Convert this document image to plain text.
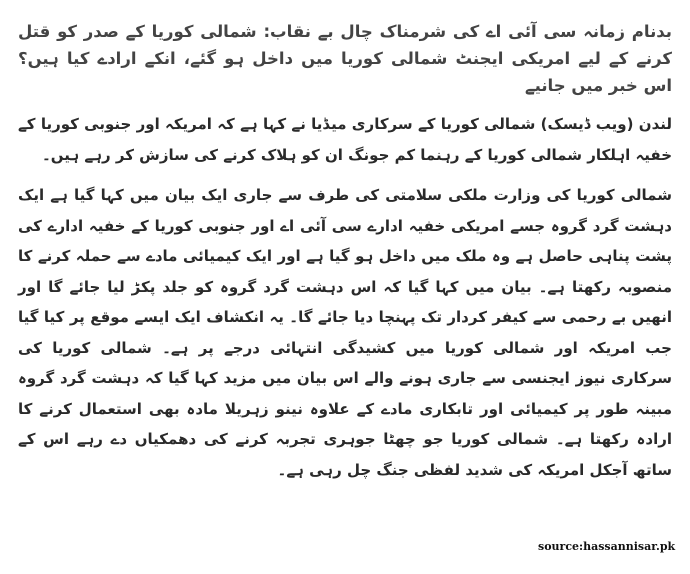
بدنام زمانہ سی آئی اے کی شرمناک چال بے نقاب: شمالی کوریا کے صدر کو قتل کرنے کے لیے امریکی ایجنٹ شمالی کوریا میں داخل ہو گئے، انکے ارادے کیا ہیں؟ اس خبر میں جانیے

لندن (ویب ڈیسک) شمالی کوریا کے سرکاری میڈیا نے کہا ہے کہ امریکہ اور جنوبی کوریا کے خفیہ اہلکار شمالی کوریا کے رہنما کم جونگ ان کو ہلاک کرنے کی سازش کر رہے ہیں۔

شمالی کوریا کی وزارت ملکی سلامتی کی طرف سے جاری ایک بیان میں کہا گیا ہے ایک دہشت گرد گروہ جسے امریکی خفیہ ادارے سی آئی اے اور جنوبی کوریا کے خفیہ ادارے کی پشت پناہی حاصل ہے وہ ملک میں داخل ہو گیا ہے اور ایک کیمیائی مادے سے حملہ کرنے کا منصوبہ رکھتا ہے۔ بیان میں کہا گیا کہ اس دہشت گرد گروہ کو جلد پکڑ لیا جائے گا اور انھیں بے رحمی سے کیفر کردار تک پہنچا دیا جائے گا۔ یہ انکشاف ایک ایسے موقع پر کیا گیا جب امریکہ اور شمالی کوریا میں کشیدگی انتہائی درجے پر ہے۔ شمالی کوریا کی سرکاری نیوز ایجنسی سے جاری ہونے والے اس بیان میں مزید کہا گیا کہ دہشت گرد گروہ مبینہ طور پر کیمیائی اور تابکاری مادے کے علاوہ نینو زہریلا مادہ بھی استعمال کرنے کا ارادہ رکھتا ہے۔ شمالی کوریا جو چھٹا جوہری تجربہ کرنے کی دھمکیاں دے رہے اس کے ساتھ آجکل امریکہ کی شدید لفظی جنگ چل رہی ہے۔

source:hassannisar.pk
